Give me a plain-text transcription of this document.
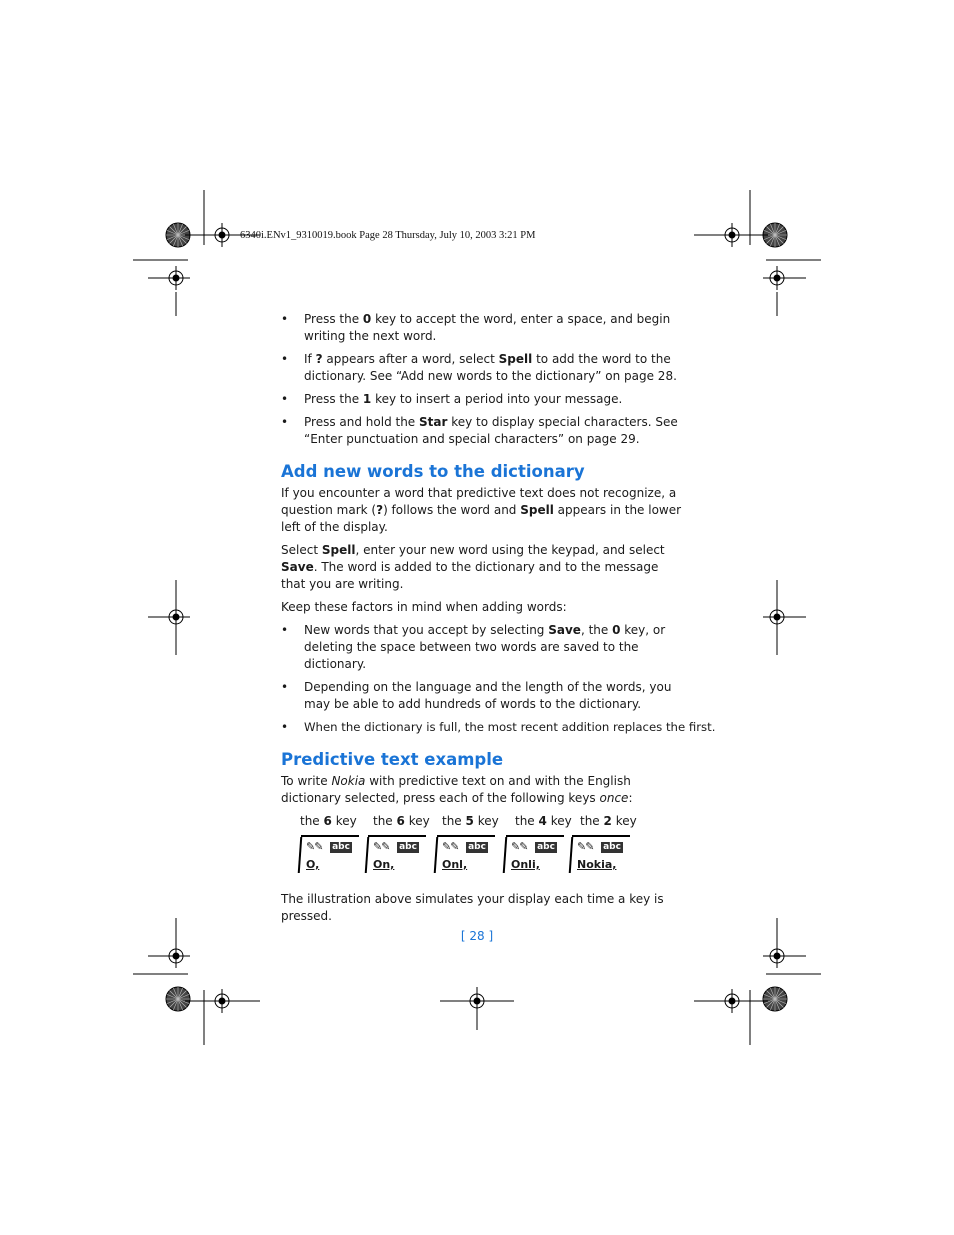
6340i.ENv1_9310019.book Page 28 Thursday, July 10, 2003 3:21 PM
• Press the 0 key to accept the word, enter a space, and begin writing the next word.
• If ? appears after a word, select Spell to add the word to the dictionary. See “Add new words to the dictionary” on page 28.
• Press the 1 key to insert a period into your message.
• Press and hold the Star key to display special characters. See “Enter punctuation and special characters” on page 29.
Add new words to the dictionary

If you encounter a word that predictive text does not recognize, a question mark (?) follows the word and Spell appears in the lower left of the display.

Select Spell, enter your new word using the keypad, and select Save. The word is added to the dictionary and to the message that you are writing.

Keep these factors in mind when adding words:

• New words that you accept by selecting Save, the 0 key, or deleting the space between two words are saved to the dictionary.
• Depending on the language and the length of the words, you may be able to add hundreds of words to the dictionary.
• When the dictionary is full, the most recent addition replaces the first.
Predictive text example

To write Nokia with predictive text on and with the English dictionary selected, press each of the following keys once:

the 6 key the 6 key the 5 key the 4 key the 2 key
✎✎ abc
O,
✎✎ abc
On,
✎✎ abc
Onl,
✎✎ abc
Onli,
✎✎ abc
Nokia,

The illustration above simulates your display each time a key is pressed.

[ 28 ]
